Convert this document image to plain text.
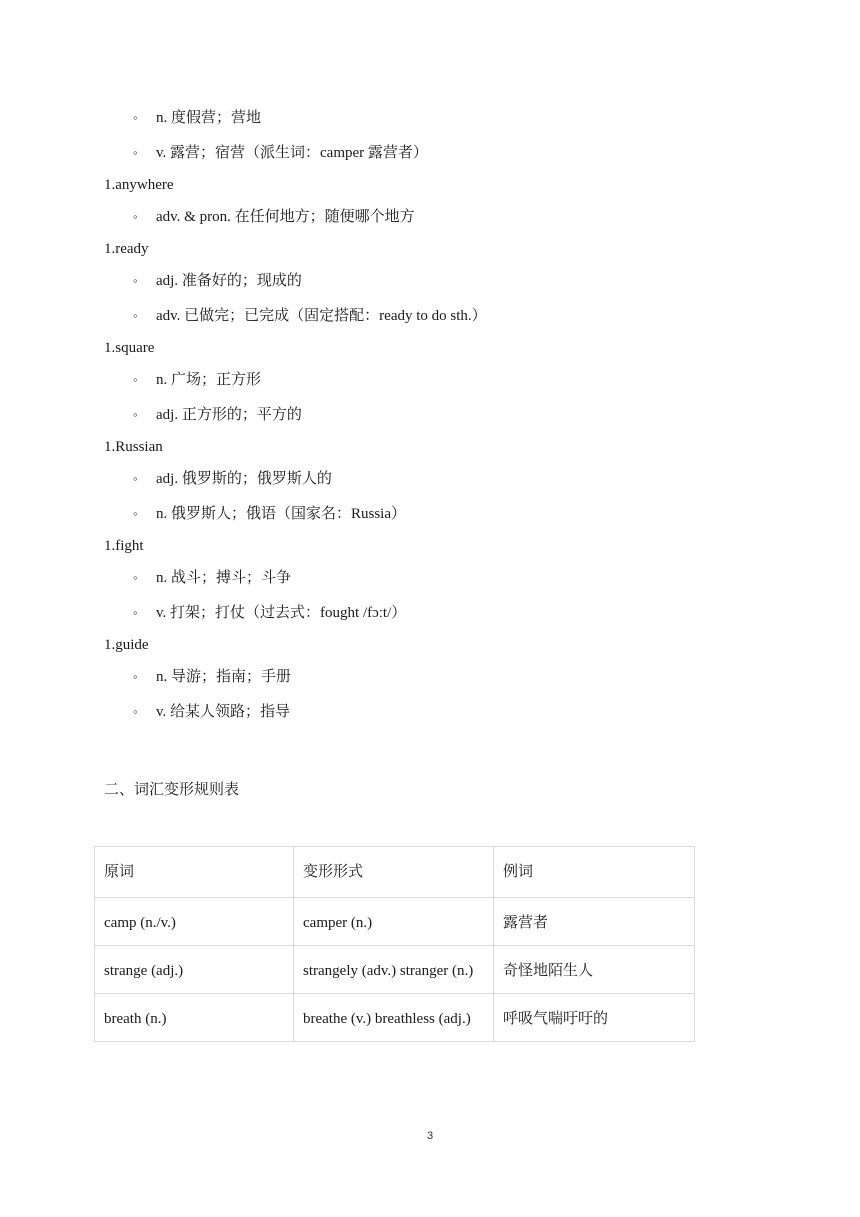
◦ n. 度假营；营地
◦ v. 露营；宿营（派生词：camper 露营者）
1.anywhere
◦ adv. & pron. 在任何地方；随便哪个地方
1.ready
◦ adj. 准备好的；现成的
◦ adv. 已做完；已完成（固定搭配：ready to do sth.）
1.square
◦ n. 广场；正方形
◦ adj. 正方形的；平方的
1.Russian
◦ adj. 俄罗斯的；俄罗斯人的
◦ n. 俄罗斯人；俄语（国家名：Russia）
1.fight
◦ n. 战斗；搏斗；斗争
◦ v. 打架；打仗（过去式：fought /fɔːt/）
1.guide
◦ n. 导游；指南；手册
◦ v. 给某人领路；指导
二、词汇变形规则表
原词	变形形式	例词
camp (n./v.)	camper (n.)	露营者
strange (adj.)	strangely (adv.) stranger (n.)	奇怪地陌生人
breath (n.)	breathe (v.) breathless (adj.)	呼吸气喘吁吁的
3
